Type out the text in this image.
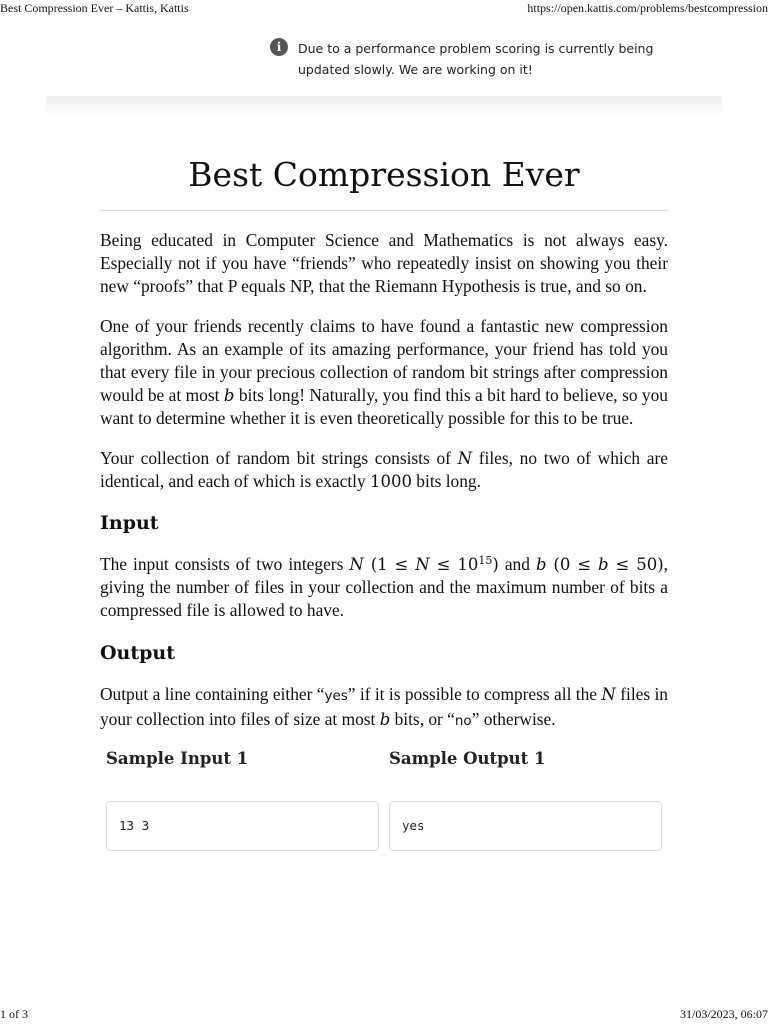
Best Compression Ever – Kattis, Kattis	https://open.kattis.com/problems/bestcompression
i	Due to a performance problem scoring is currently being
updated slowly. We are working on it!
Best Compression Ever

Being educated in Computer Science and Mathematics is not always easy. Especially not if you have “friends” who repeatedly insist on showing you their new “proofs” that P equals NP, that the Riemann Hypothesis is true, and so on.

One of your friends recently claims to have found a fantastic new compression algorithm. As an example of its amazing performance, your friend has told you that every file in your precious collection of random bit strings after compression would be at most b bits long! Naturally, you find this a bit hard to believe, so you want to determine whether it is even theoretically possible for this to be true.

Your collection of random bit strings consists of N files, no two of which are identical, and each of which is exactly 1000 bits long.

Input

The input consists of two integers N $(1 \le N \le 10^{15})$ and b (0 ≤ b ≤ 50), giving the number of files in your collection and the maximum number of bits a compressed file is allowed to have.

Output

Output a line containing either “yes” if it is possible to compress all the N files in your collection into files of size at most b bits, or “no” otherwise.

Sample Input 1	Sample Output 1
13 3	yes
1 of 3	31/03/2023, 06:07
